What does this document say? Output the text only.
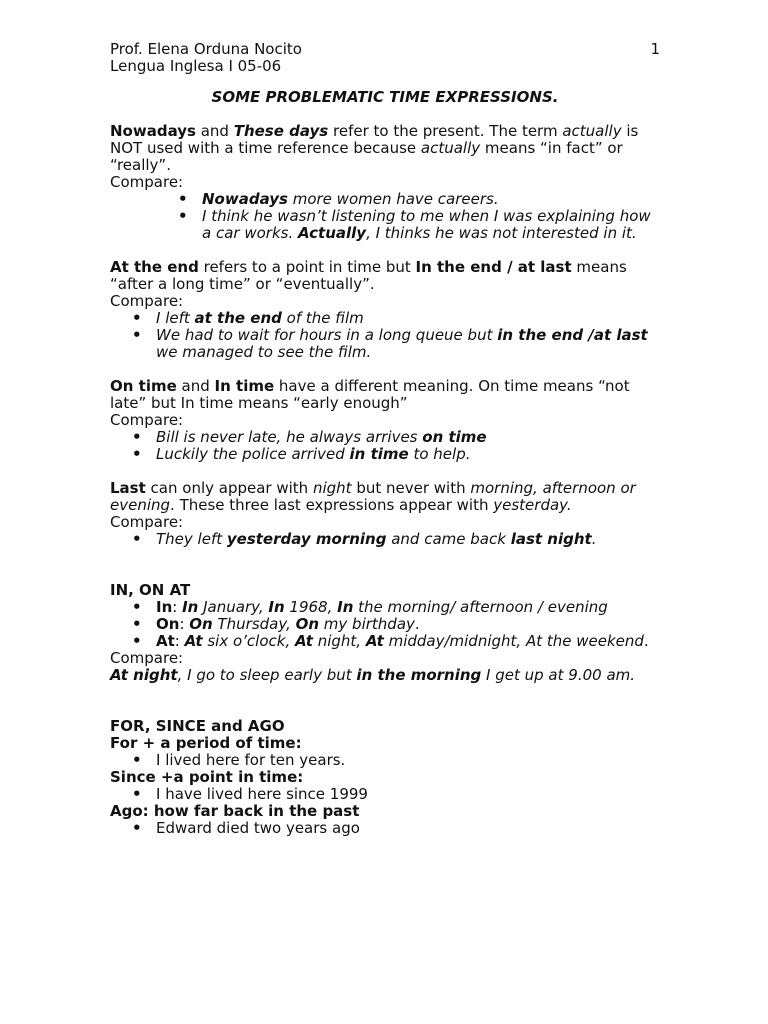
Prof. Elena Orduna Nocito	1
Lengua Inglesa I 05-06
SOME PROBLEMATIC TIME EXPRESSIONS.

Nowadays and These days refer to the present. The term actually is NOT used with a time reference because actually means “in fact” or “really”.

Compare:

• Nowadays more women have careers.
• I think he wasn’t listening to me when I was explaining how a car works. Actually, I thinks he was not interested in it.

At the end refers to a point in time but In the end / at last means “after a long time” or “eventually”.

Compare:

• I left at the end of the film
• We had to wait for hours in a long queue but in the end /at last we managed to see the film.

On time and In time have a different meaning. On time means “not late” but In time means “early enough”

Compare:

• Bill is never late, he always arrives on time
• Luckily the police arrived in time to help.

Last can only appear with night but never with morning, afternoon or evening. These three last expressions appear with yesterday.

Compare:

• They left yesterday morning and came back last night.

IN, ON AT

• In: In January, In 1968, In the morning/ afternoon / evening
• On: On Thursday, On my birthday.
• At: At six o’clock, At night, At midday/midnight, At the weekend.

Compare:

At night, I go to sleep early but in the morning I get up at 9.00 am.

FOR, SINCE and AGO

For + a period of time:

• I lived here for ten years.

Since +a point in time:

• I have lived here since 1999

Ago: how far back in the past

• Edward died two years ago
